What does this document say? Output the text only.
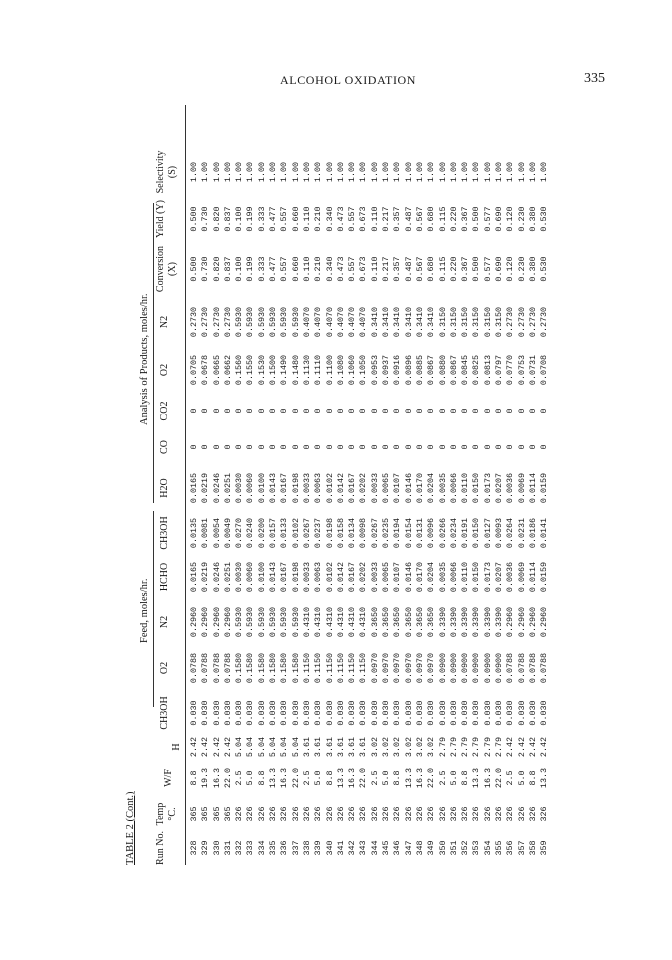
ALCOHOL OXIDATION	335
TABLE 2 (Cont.)
Feed, moles/hr.
Analysis of Products, moles/hr.
Run No.
Temp °C.
W/F
H
CH3OH
O2
N2
HCHO
CH3OH
H2O
CO
CO2
O2
N2
Conversion (X)
Yield (Y)
Selectivity (S)
328
365
8.8
2.42
0.030
0.0788
0.2960
0.0165
0.0135
0.0165
0
0
0.0705
0.2730
0.500
0.500
1.00
329
365
19.3
2.42
0.030
0.0788
0.2960
0.0219
0.0081
0.0219
0
0
0.0678
0.2730
0.730
0.730
1.00
330
365
16.3
2.42
0.030
0.0788
0.2960
0.0246
0.0054
0.0246
0
0
0.0665
0.2730
0.820
0.820
1.00
331
365
22.0
2.42
0.030
0.0788
0.2960
0.0251
0.0049
0.0251
0
0
0.0662
0.2730
0.837
0.837
1.00
332
326
2.5
5.04
0.030
0.1580
0.5930
0.0030
0.0270
0.0030
0
0
0.1560
0.5930
0.100
0.100
1.00
333
326
5.0
5.04
0.030
0.1580
0.5930
0.0060
0.0240
0.0060
0
0
0.1550
0.5930
0.199
0.199
1.00
334
326
8.8
5.04
0.030
0.1580
0.5930
0.0100
0.0200
0.0100
0
0
0.1530
0.5930
0.333
0.333
1.00
335
326
13.3
5.04
0.030
0.1580
0.5930
0.0143
0.0157
0.0143
0
0
0.1500
0.5930
0.477
0.477
1.00
336
326
16.3
5.04
0.030
0.1580
0.5930
0.0167
0.0133
0.0167
0
0
0.1490
0.5930
0.557
0.557
1.00
337
326
22.0
5.04
0.030
0.1580
0.5930
0.0198
0.0102
0.0198
0
0
0.1480
0.5930
0.660
0.660
1.00
338
326
2.5
3.61
0.030
0.1150
0.4310
0.0033
0.0267
0.0033
0
0
0.1130
0.4070
0.110
0.110
1.00
339
326
5.0
3.61
0.030
0.1150
0.4310
0.0063
0.0237
0.0063
0
0
0.1110
0.4070
0.210
0.210
1.00
340
326
8.8
3.61
0.030
0.1150
0.4310
0.0102
0.0198
0.0102
0
0
0.1100
0.4070
0.340
0.340
1.00
341
326
13.3
3.61
0.030
0.1150
0.4310
0.0142
0.0158
0.0142
0
0
0.1080
0.4070
0.473
0.473
1.00
342
326
16.3
3.61
0.030
0.1150
0.4310
0.0167
0.0134
0.0167
0
0
0.1060
0.4070
0.557
0.557
1.00
343
326
22.0
3.61
0.030
0.1150
0.4310
0.0202
0.0098
0.0202
0
0
0.1050
0.4070
0.673
0.673
1.00
344
326
2.5
3.02
0.030
0.0970
0.3650
0.0033
0.0267
0.0033
0
0
0.0953
0.3410
0.110
0.110
1.00
345
326
5.0
3.02
0.030
0.0970
0.3650
0.0065
0.0235
0.0065
0
0
0.0937
0.3410
0.217
0.217
1.00
346
326
8.8
3.02
0.030
0.0970
0.3650
0.0107
0.0194
0.0107
0
0
0.0916
0.3410
0.357
0.357
1.00
347
326
13.3
3.02
0.030
0.0970
0.3650
0.0146
0.0154
0.0146
0
0
0.0896
0.3410
0.487
0.487
1.00
348
326
16.3
3.02
0.030
0.0970
0.3650
0.0170
0.0131
0.0170
0
0
0.0885
0.3410
0.567
0.567
1.00
349
326
22.0
3.02
0.030
0.0970
0.3650
0.0204
0.0096
0.0204
0
0
0.0867
0.3410
0.680
0.680
1.00
350
326
2.5
2.79
0.030
0.0900
0.3390
0.0035
0.0266
0.0035
0
0
0.0880
0.3150
0.115
0.115
1.00
351
326
5.0
2.79
0.030
0.0900
0.3390
0.0066
0.0234
0.0066
0
0
0.0867
0.3150
0.220
0.220
1.00
352
326
8.8
2.79
0.030
0.0900
0.3390
0.0110
0.0191
0.0110
0
0
0.0845
0.3150
0.367
0.367
1.00
353
326
13.3
2.79
0.030
0.0900
0.3390
0.0150
0.0150
0.0150
0
0
0.0825
0.3150
0.500
0.500
1.00
354
326
16.3
2.79
0.030
0.0900
0.3390
0.0173
0.0127
0.0173
0
0
0.0813
0.3150
0.577
0.577
1.00
355
326
22.0
2.79
0.030
0.0900
0.3390
0.0207
0.0093
0.0207
0
0
0.0797
0.3150
0.690
0.690
1.00
356
326
2.5
2.42
0.030
0.0788
0.2960
0.0036
0.0264
0.0036
0
0
0.0770
0.2730
0.120
0.120
1.00
357
326
5.0
2.42
0.030
0.0788
0.2960
0.0069
0.0231
0.0069
0
0
0.0753
0.2730
0.230
0.230
1.00
358
326
8.8
2.42
0.030
0.0788
0.2960
0.0114
0.0186
0.0114
0
0
0.0731
0.2730
0.380
0.380
1.00
359
326
13.3
2.42
0.030
0.0788
0.2960
0.0159
0.0141
0.0159
0
0
0.0708
0.2730
0.530
0.530
1.00
